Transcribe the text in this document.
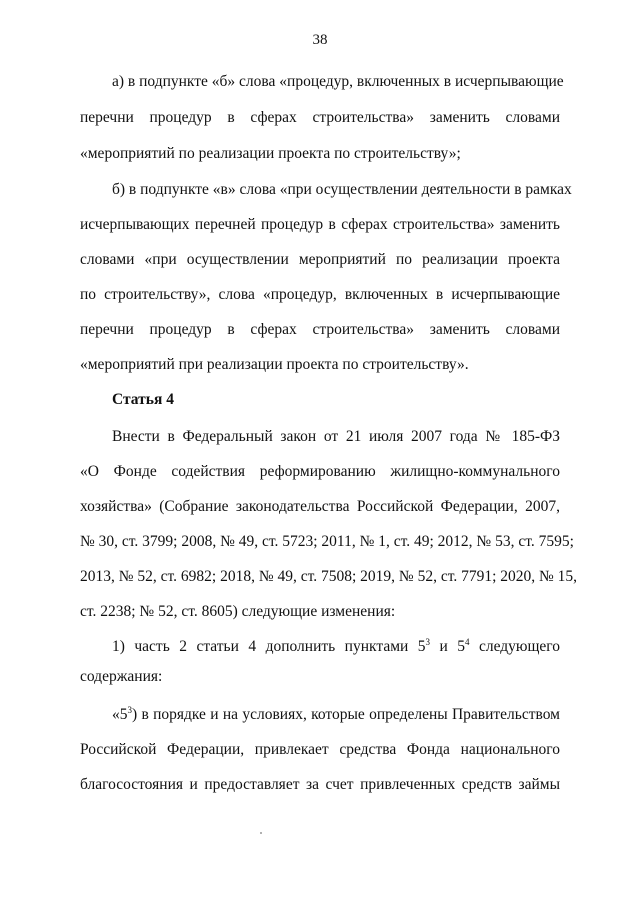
38
а) в подпункте «б» слова «процедур, включенных в исчерпывающие
перечни процедур в сферах строительства» заменить словами
«мероприятий по реализации проекта по строительству»;
б) в подпункте «в» слова «при осуществлении деятельности в рамках
исчерпывающих перечней процедур в сферах строительства» заменить
словами «при осуществлении мероприятий по реализации проекта
по строительству», слова «процедур, включенных в исчерпывающие
перечни процедур в сферах строительства» заменить словами
«мероприятий при реализации проекта по строительству».
Статья 4
Внести в Федеральный закон от 21 июля 2007 года № 185-ФЗ
«О Фонде содействия реформированию жилищно-коммунального
хозяйства» (Собрание законодательства Российской Федерации, 2007,
№ 30, ст. 3799; 2008, № 49, ст. 5723; 2011, № 1, ст. 49; 2012, № 53, ст. 7595;
2013, № 52, ст. 6982; 2018, № 49, ст. 7508; 2019, № 52, ст. 7791; 2020, № 15,
ст. 2238; № 52, ст. 8605) следующие изменения:
1) часть 2 статьи 4 дополнить пунктами $5^3$ и $5^4$ следующего
содержания:
«$5^3$) в порядке и на условиях, которые определены Правительством
Российской Федерации, привлекает средства Фонда национального
благосостояния и предоставляет за счет привлеченных средств займы
